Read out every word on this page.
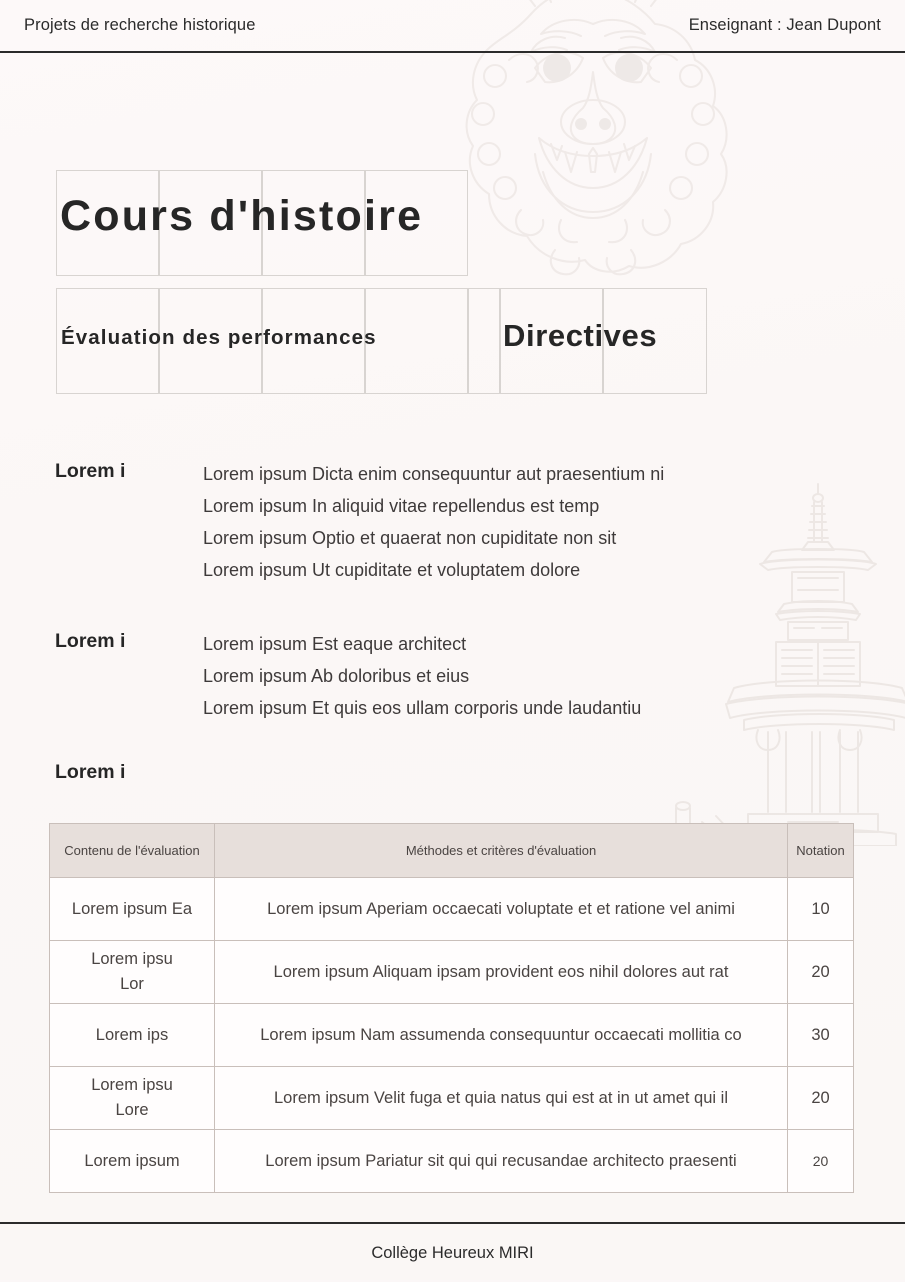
Projets de recherche historique	Enseignant : Jean Dupont
Cours d'histoire
Évaluation des performances	Directives
Lorem i	Lorem ipsum Dicta enim consequuntur aut praesentium ni
Lorem ipsum In aliquid vitae repellendus est temp
Lorem ipsum Optio et quaerat non cupiditate non sit
Lorem ipsum Ut cupiditate et voluptatem dolore
Lorem i	Lorem ipsum Est eaque architect
Lorem ipsum Ab doloribus et eius
Lorem ipsum Et quis eos ullam corporis unde laudantiu
Lorem i
Contenu de l'évaluation	Méthodes et critères d'évaluation	Notation
Lorem ipsum Ea	Lorem ipsum Aperiam occaecati voluptate et et ratione vel animi	10
Lorem ipsu
Lor	Lorem ipsum Aliquam ipsam provident eos nihil dolores aut rat	20
Lorem ips	Lorem ipsum Nam assumenda consequuntur occaecati mollitia co	30
Lorem ipsu
Lore	Lorem ipsum Velit fuga et quia natus qui est at in ut amet qui il	20
Lorem ipsum	Lorem ipsum Pariatur sit qui qui recusandae architecto praesenti	20
Collège Heureux MIRI
